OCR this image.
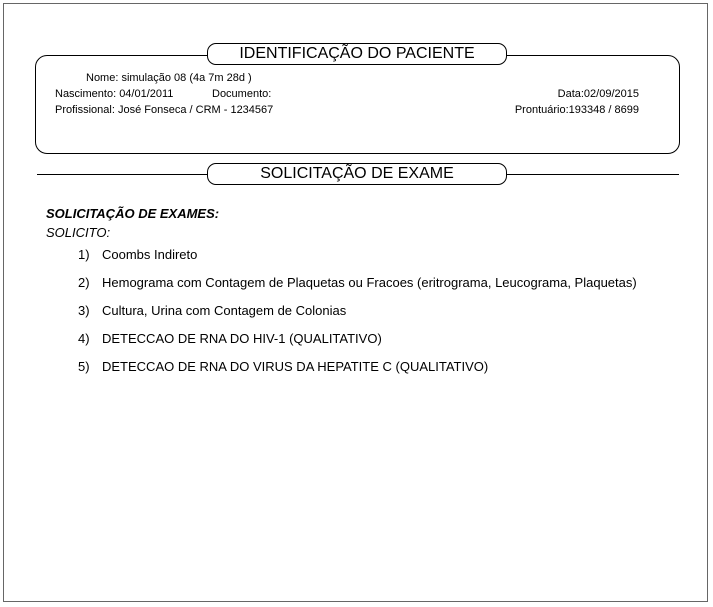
IDENTIFICAÇÃO DO PACIENTE
Nome: simulação 08 (4a 7m 28d )
Nascimento: 04/01/2011	Documento:
Profissional: José Fonseca / CRM - 1234567
Data:02/09/2015
Prontuário:193348 / 8699
SOLICITAÇÃO DE EXAME
SOLICITAÇÃO DE EXAMES:
SOLICITO:
1) Coombs Indireto
2) Hemograma com Contagem de Plaquetas ou Fracoes (eritrograma, Leucograma, Plaquetas)
3) Cultura, Urina com Contagem de Colonias
4) DETECCAO DE RNA DO HIV-1 (QUALITATIVO)
5) DETECCAO DE RNA DO VIRUS DA HEPATITE C (QUALITATIVO)
